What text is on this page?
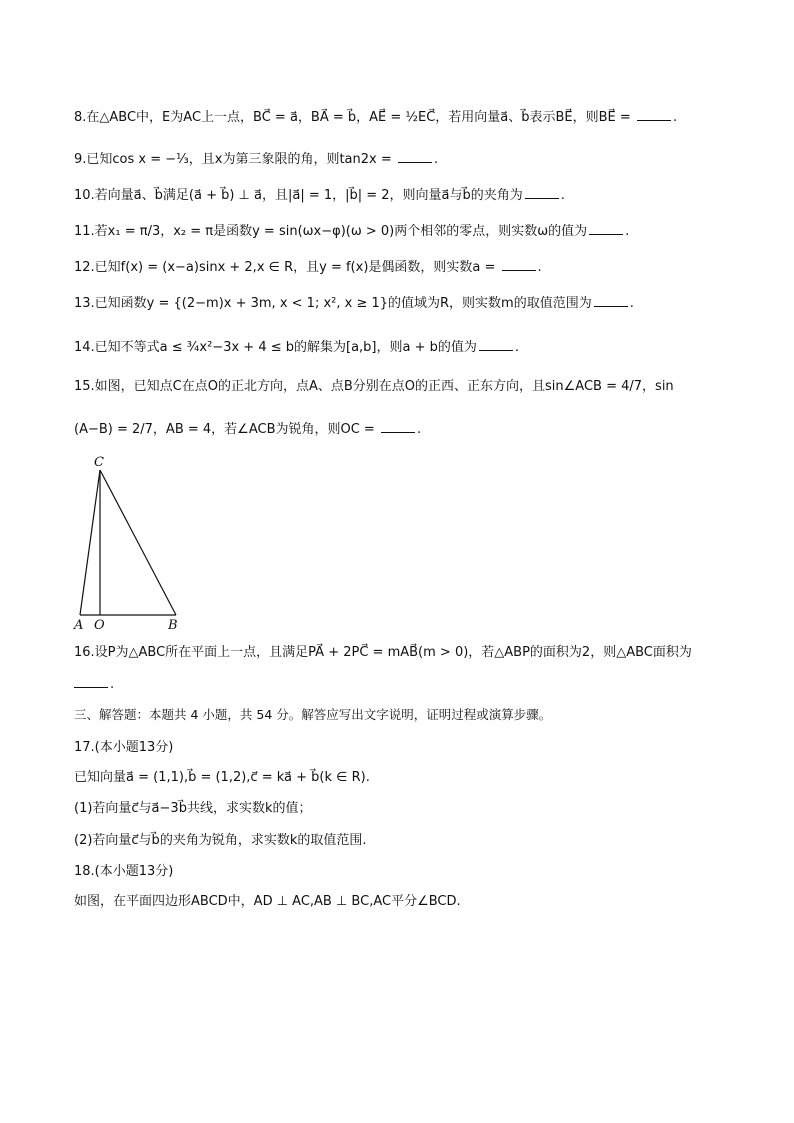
8.在△ABC中，E为AC上一点，BC⃗ = a⃗，BA⃗ = b⃗，AE⃗ = ½EC⃗，若用向量a⃗、b⃗表示BE⃗，则BE⃗ =	.
9.已知cos x = −⅓，且x为第三象限的角，则tan2x =	.
10.若向量a⃗、b⃗满足(a⃗ + b⃗) ⊥ a⃗，且|a⃗| = 1，|b⃗| = 2，则向量a⃗与b⃗的夹角为	.
11.若x₁ = π/3，x₂ = π是函数y = sin(ωx−φ)(ω > 0)两个相邻的零点，则实数ω的值为	.
12.已知f(x) = (x−a)sinx + 2,x ∈ R，且y = f(x)是偶函数，则实数a =	.
13.已知函数y = {(2−m)x + 3m, x < 1; x², x ≥ 1}的值域为R，则实数m的取值范围为	.
14.已知不等式a ≤ ¾x²−3x + 4 ≤ b的解集为[a,b]，则a + b的值为	.
15.如图，已知点C在点O的正北方向，点A、点B分别在点O的正西、正东方向，且sin∠ACB = 4/7，sin
(A−B) = 2/7，AB = 4，若∠ACB为锐角，则OC =	.
C
A O	B
16.设P为△ABC所在平面上一点，且满足PA⃗ + 2PC⃗ = mAB⃗(m > 0)，若△ABP的面积为2，则△ABC面积为
.
三、解答题：本题共 4 小题，共 54 分。解答应写出文字说明，证明过程或演算步骤。
17.(本小题13分)
已知向量a⃗ = (1,1),b⃗ = (1,2),c⃗ = ka⃗ + b⃗(k ∈ R).
(1)若向量c⃗与a⃗−3b⃗共线，求实数k的值；
(2)若向量c⃗与b⃗的夹角为锐角，求实数k的取值范围.
18.(本小题13分)
如图，在平面四边形ABCD中，AD ⊥ AC,AB ⊥ BC,AC平分∠BCD.
